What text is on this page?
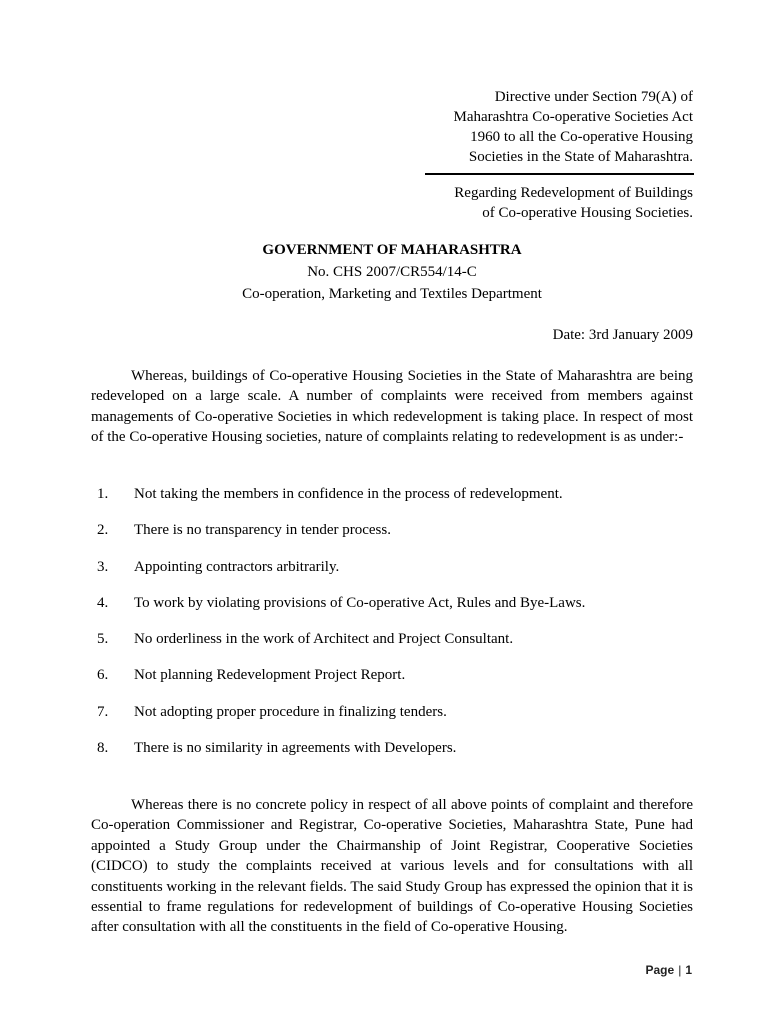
Directive under Section 79(A) of
Maharashtra Co-operative Societies Act
1960 to all the Co-operative Housing
Societies in the State of Maharashtra.
Regarding Redevelopment of Buildings
of Co-operative Housing Societies.
GOVERNMENT OF MAHARASHTRA
No. CHS 2007/CR554/14-C
Co-operation, Marketing and Textiles Department
Date: 3rd January 2009

Whereas, buildings of Co-operative Housing Societies in the State of Maharashtra are being redeveloped on a large scale. A number of complaints were received from members against managements of Co-operative Societies in which redevelopment is taking place. In respect of most of the Co-operative Housing societies, nature of complaints relating to redevelopment is as under:-

1. Not taking the members in confidence in the process of redevelopment.
2. There is no transparency in tender process.
3. Appointing contractors arbitrarily.
4. To work by violating provisions of Co-operative Act, Rules and Bye-Laws.
5. No orderliness in the work of Architect and Project Consultant.
6. Not planning Redevelopment Project Report.
7. Not adopting proper procedure in finalizing tenders.
8. There is no similarity in agreements with Developers.

Whereas there is no concrete policy in respect of all above points of complaint and therefore Co-operation Commissioner and Registrar, Co-operative Societies, Maharashtra State, Pune had appointed a Study Group under the Chairmanship of Joint Registrar, Cooperative Societies (CIDCO) to study the complaints received at various levels and for consultations with all constituents working in the relevant fields. The said Study Group has expressed the opinion that it is essential to frame regulations for redevelopment of buildings of Co-operative Housing Societies after consultation with all the constituents in the field of Co-operative Housing.

Page | 1
